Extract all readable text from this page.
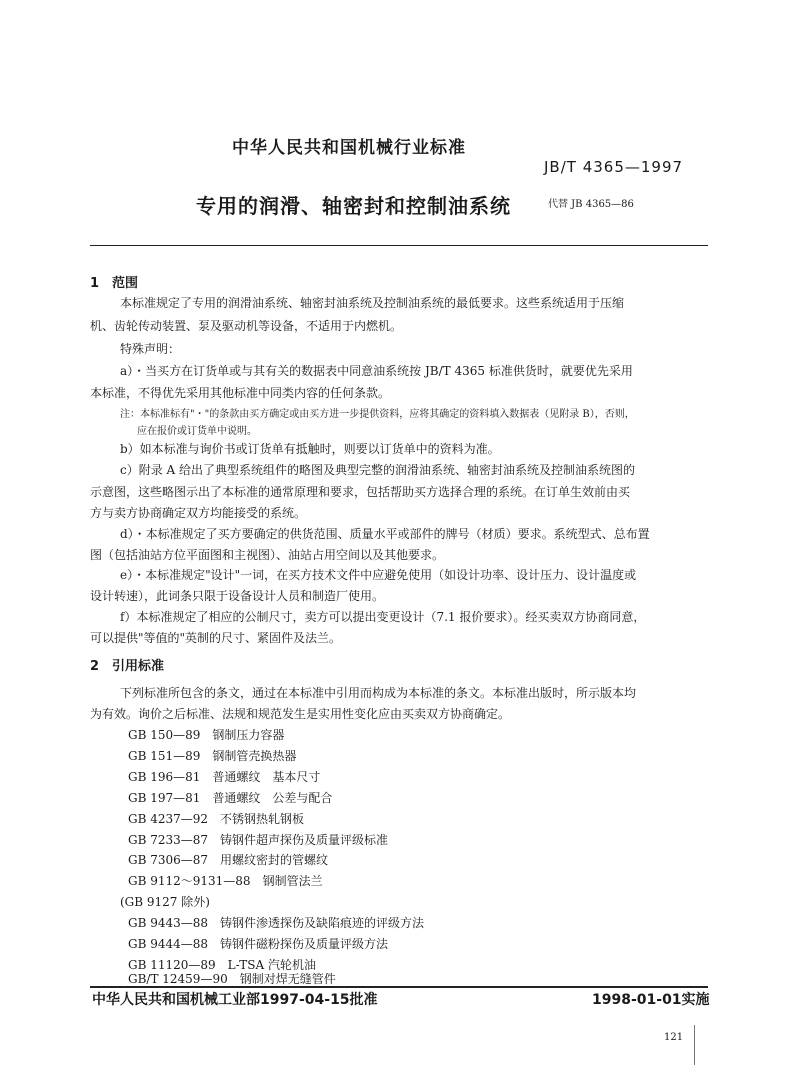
中华人民共和国机械行业标准
JB/T 4365—1997
专用的润滑、轴密封和控制油系统	代替 JB 4365—86
1　范围
本标准规定了专用的润滑油系统、轴密封油系统及控制油系统的最低要求。这些系统适用于压缩
机、齿轮传动装置、泵及驱动机等设备，不适用于内燃机。
特殊声明：
a）・当买方在订货单或与其有关的数据表中同意油系统按 JB/T 4365 标准供货时，就要优先采用
本标准，不得优先采用其他标准中同类内容的任何条款。
注：本标准标有"・"的条款由买方确定或由买方进一步提供资料，应将其确定的资料填入数据表（见附录 B），否则，
应在报价或订货单中说明。
b）如本标准与询价书或订货单有抵触时，则要以订货单中的资料为准。
c）附录 A 给出了典型系统组件的略图及典型完整的润滑油系统、轴密封油系统及控制油系统图的
示意图，这些略图示出了本标准的通常原理和要求，包括帮助买方选择合理的系统。在订单生效前由买
方与卖方协商确定双方均能接受的系统。
d）・本标准规定了买方要确定的供货范围、质量水平或部件的牌号（材质）要求。系统型式、总布置
图（包括油站方位平面图和主视图）、油站占用空间以及其他要求。
e）・本标准规定"设计"一词，在买方技术文件中应避免使用（如设计功率、设计压力、设计温度或
设计转速），此词条只限于设备设计人员和制造厂使用。
f）本标准规定了相应的公制尺寸，卖方可以提出变更设计（7.1 报价要求）。经买卖双方协商同意，
可以提供"等值的"英制的尺寸、紧固件及法兰。
2　引用标准
下列标准所包含的条文，通过在本标准中引用而构成为本标准的条文。本标准出版时，所示版本均
为有效。询价之后标准、法规和规范发生是实用性变化应由买卖双方协商确定。
GB 150—89　钢制压力容器
GB 151—89　钢制管壳换热器
GB 196—81　普通螺纹　基本尺寸
GB 197—81　普通螺纹　公差与配合
GB 4237—92　不锈钢热轧钢板
GB 7233—87　铸钢件超声探伤及质量评级标准
GB 7306—87　用螺纹密封的管螺纹
GB 9112～9131—88　钢制管法兰
(GB 9127 除外)
GB 9443—88　铸钢件渗透探伤及缺陷痕迹的评级方法
GB 9444—88　铸钢件磁粉探伤及质量评级方法
GB 11120—89　L-TSA 汽轮机油
GB/T 12459—90　钢制对焊无缝管件
中华人民共和国机械工业部1997-04-15批准	1998-01-01实施
121
